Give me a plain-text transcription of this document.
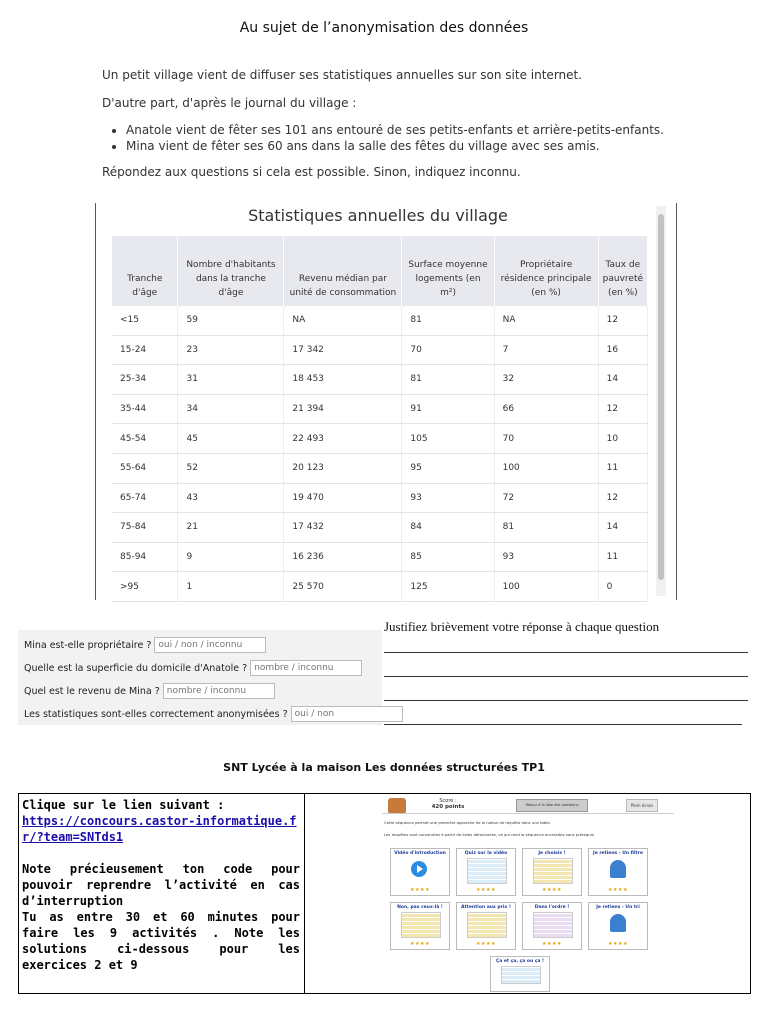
Au sujet de l’anonymisation des données
Un petit village vient de diffuser ses statistiques annuelles sur son site internet.
D'autre part, d'après le journal du village :
• Anatole vient de fêter ses 101 ans entouré de ses petits-enfants et arrière-petits-enfants.
• Mina vient de fêter ses 60 ans dans la salle des fêtes du village avec ses amis.
Répondez aux questions si cela est possible. Sinon, indiquez inconnu.
Statistiques annuelles du village
Tranche d'âge	Nombre d'habitants dans la tranche d'âge	Revenu médian par unité de consommation	Surface moyenne logements (en m²)	Propriétaire résidence principale (en %)	Taux de pauvreté (en %)
<15	59	NA	81	NA	12
15-24	23	17 342	70	7	16
25-34	31	18 453	81	32	14
35-44	34	21 394	91	66	12
45-54	45	22 493	105	70	10
55-64	52	20 123	95	100	11
65-74	43	19 470	93	72	12
75-84	21	17 432	84	81	14
85-94	9	16 236	85	93	11
>95	1	25 570	125	100	0
Mina est-elle propriétaire ?
oui / non / inconnu
Quelle est la superficie du domicile d'Anatole ?
nombre / inconnu
Quel est le revenu de Mina ?
nombre / inconnu
Les statistiques sont-elles correctement anonymisées ?
oui / non
Justifiez brièvement votre réponse à chaque question
SNT Lycée à la maison Les données structurées TP1

Clique sur le lien suivant :

https://concours.castor-informatique.fr/?team=SNTds1

Note précieusement ton code pour pouvoir reprendre l’activité en cas d’interruption

Tu as entre 30 et 60 minutes pour faire les 9 activités . Note les solutions ci-dessous pour les exercices 2 et 9

Score :
420 points	Retour à la liste des questions	Plein écran
Cette séquence permet une première approche de la notion de requête dans une table.
Les requêtes sont construites à partir de listes déroulantes, ce qui rend la séquence accessible sans prérequis.
Vidéo d'introduction
★★★★
Quiz sur la vidéo
★★★★
Je choisis !
★★★★
Je retiens - Un filtre
★★★★
Non, pas ceux-là !
★★★★
Attention aux prix !
★★★★
Dans l'ordre !
★★★★
Je retiens - Un tri
★★★★
Ça et ça, ça ou ça !
